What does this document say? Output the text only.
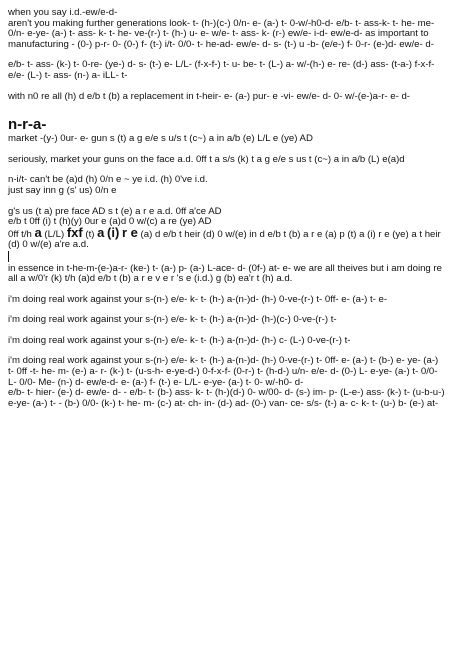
when you say i.d.-ew/e-d-

aren't you making further generations look- t- (h-)(c-) 0/n- e- (a-) t- 0-w/-h0-d- e/b- t- ass-k- t- he- me- 0/n- e-ye- (a-) t- ass- k- t- he- ve-(r-) t- (h-) u- e- w/e- t- ass- k- (r-) ew/e- i-d- ew/e-d- as important to manufacturing - (0-) p-r- 0- (0-) f- (t-) i/t- 0/0- t- he-ad- ew/e- d- s- (t-) u -b- (e/e-) f- 0-r- (e-)d- ew/e- d-

e/b- t- ass- (k-) t- 0-re- (ye-) d- s- (t-) e- L/L- (f-x-f-) t- u- be- t- (L-) a- w/-(h-) e- re- (d-) ass- (t-a-) f-x-f- e/e- (L-) t- ass- (n-) a- iLL- t-

with n0 re all (h) d e/b t (b) a replacement in t-heir- e- (a-) pur- e -vi- ew/e- d- 0- w/-(e-)a-r- e- d-

n-r-a-

market -(y-) 0ur- e- gun s (t) a g e/e s u/s t (c~) a in a/b (e) L/L e (ye) AD

seriously, market your guns on the face a.d. 0ff t a s/s (k) t a g e/e s us t (c~) a in a/b (L) e(a)d

n-i/t- can't be (a)d (h) 0/n e ~ ye i.d. (h) 0've i.d.

just say inn g (s' us) 0/n e

g's us (t a) pre face AD s t (e) a r e a.d. 0ff a'ce AD

e/b t 0ff (i) t (h)(y) 0ur e (a)d 0 w/(c) a re (ye) AD

0ff t/h a (L/L) fxf (t) a (i) r e (a) d e/b t heir (d) 0 w/(e) in d e/b t (b) a r e (a) p (t) a (i) r e (ye) a t heir (d) 0 w/(e) a're a.d.

in essence in t-he-m-(e-)a-r- (ke-) t- (a-) p- (a-) L-ace- d- (0f-) at- e- we are all theives but i am doing re all a w/0'r (k) t/h (a)d e/b t (b) a r e v e r 's e (i.d.) g (b) ea'r t (h) a.d.

i'm doing real work against your s-(n-) e/e- k- t- (h-) a-(n-)d- (h-) 0-ve-(r-) t- 0ff- e- (a-) t- e-

i'm doing real work against your s-(n-) e/e- k- t- (h-) a-(n-)d- (h-)(c-) 0-ve-(r-) t-

i'm doing real work against your s-(n-) e/e- k- t- (h-) a-(n-)d- (h-) c- (L-) 0-ve-(r-) t-

i'm doing real work against your s-(n-) e/e- k- t- (h-) a-(n-)d- (h-) 0-ve-(r-) t- 0ff- e- (a-) t- (b-) e- ye- (a-) t- 0ff -t- he- m- (e-) a- r- (k-) t- (u-s-h- e-ye-d-) 0-f-x-f- (0-r-) t- (h-d-) u/n- e/e- d- (0-) L- e-ye- (a-) t- 0/0- L- 0/0- Me- (n-) d- ew/e-d- e- (a-) f- (t-) e- L/L- e-ye- (a-) t- 0- w/-h0- d-

e/b- t- hier- (e-) d- ew/e- d- - e/b- t- (b-) ass- k- t- (h-)(d-) 0- w/00- d- (s-) im- p- (L-e-) ass- (k-) t- (u-b-u-) e-ye- (a-) t- - (b-) 0/0- (k-) t- he- m- (c-) at- ch- in- (d-) ad- (0-) van- ce- s/s- (t-) a- c- k- t- (u-) b- (e-) at-
